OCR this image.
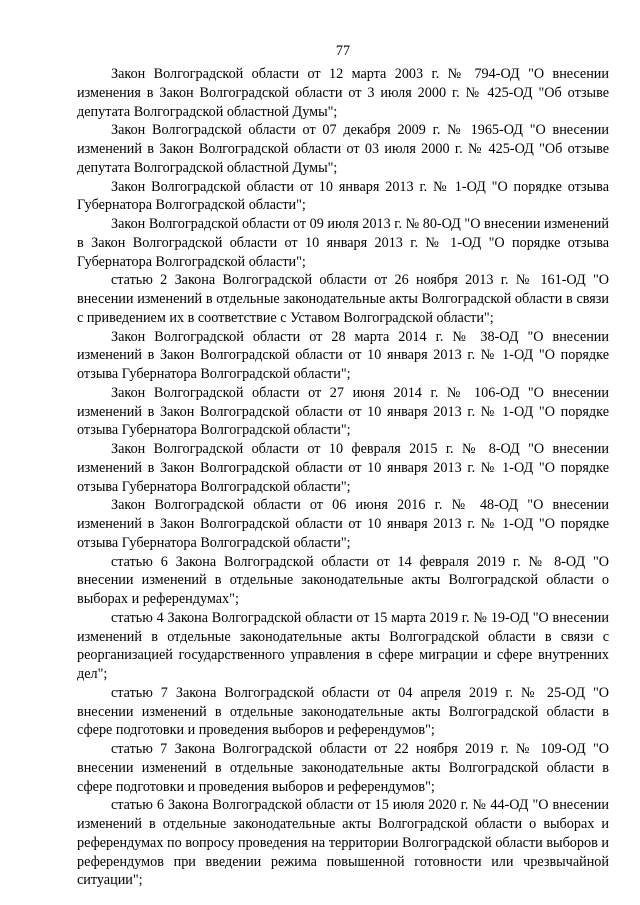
77

Закон Волгоградской области от 12 марта 2003 г. № 794-ОД "О внесении изменения в Закон Волгоградской области от 3 июля 2000 г. № 425-ОД "Об отзыве депутата Волгоградской областной Думы";

Закон Волгоградской области от 07 декабря 2009 г. № 1965-ОД "О внесении изменений в Закон Волгоградской области от 03 июля 2000 г. № 425-ОД "Об отзыве депутата Волгоградской областной Думы";

Закон Волгоградской области от 10 января 2013 г. № 1-ОД "О порядке отзыва Губернатора Волгоградской области";

Закон Волгоградской области от 09 июля 2013 г. № 80-ОД "О внесении изменений в Закон Волгоградской области от 10 января 2013 г. № 1-ОД "О порядке отзыва Губернатора Волгоградской области";

статью 2 Закона Волгоградской области от 26 ноября 2013 г. № 161-ОД "О внесении изменений в отдельные законодательные акты Волгоградской области в связи с приведением их в соответствие с Уставом Волгоградской области";

Закон Волгоградской области от 28 марта 2014 г. № 38-ОД "О внесении изменений в Закон Волгоградской области от 10 января 2013 г. № 1-ОД "О порядке отзыва Губернатора Волгоградской области";

Закон Волгоградской области от 27 июня 2014 г. № 106-ОД "О внесении изменений в Закон Волгоградской области от 10 января 2013 г. № 1-ОД "О порядке отзыва Губернатора Волгоградской области";

Закон Волгоградской области от 10 февраля 2015 г. № 8-ОД "О внесении изменений в Закон Волгоградской области от 10 января 2013 г. № 1-ОД "О порядке отзыва Губернатора Волгоградской области";

Закон Волгоградской области от 06 июня 2016 г. № 48-ОД "О внесении изменений в Закон Волгоградской области от 10 января 2013 г. № 1-ОД "О порядке отзыва Губернатора Волгоградской области";

статью 6 Закона Волгоградской области от 14 февраля 2019 г. № 8-ОД "О внесении изменений в отдельные законодательные акты Волгоградской области о выборах и референдумах";

статью 4 Закона Волгоградской области от 15 марта 2019 г. № 19-ОД "О внесении изменений в отдельные законодательные акты Волгоградской области в связи с реорганизацией государственного управления в сфере миграции и сфере внутренних дел";

статью 7 Закона Волгоградской области от 04 апреля 2019 г. № 25-ОД "О внесении изменений в отдельные законодательные акты Волгоградской области в сфере подготовки и проведения выборов и референдумов";

статью 7 Закона Волгоградской области от 22 ноября 2019 г. № 109-ОД "О внесении изменений в отдельные законодательные акты Волгоградской области в сфере подготовки и проведения выборов и референдумов";

статью 6 Закона Волгоградской области от 15 июля 2020 г. № 44-ОД "О внесении изменений в отдельные законодательные акты Волгоградской области о выборах и референдумах по вопросу проведения на территории Волгоградской области выборов и референдумов при введении режима повышенной готовности или чрезвычайной ситуации";
